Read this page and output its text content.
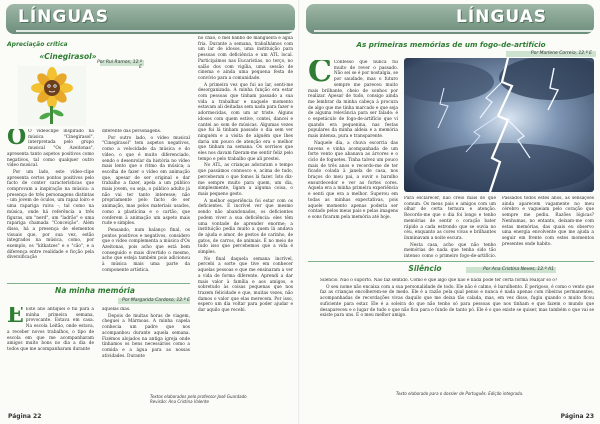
LÍNGUAS
Apreciação crítica
«Cinegirasol»
Por Rui Ramos, 12.º E

O O videoclipe inspirado na música "Cinegirasol", interpretada pelo grupo musical "Os Azeitonas", apresenta tanto aspetos positivos como negativos, tal como qualquer outro vídeo musical.

Por um lado, este vídeo-clipe apresenta certos pontos positivos pelo facto de conter características que comprovam a inspiração na música: a presença de três personagens distintas - um jovem de óculos, um rapaz loiro e uma rapariga ruiva -, tal como na música, onde há referência a três figuras, um "nerd", um "ladrão" e uma rapariga chamada "Conceição". Além disso, há a presença de elementos visuais que, por sua vez, estão integrados na música, como, por exemplo, os "kitkatzes" e o "cão", e a diferença entre realidade e ficção pela diversificação

diferente das personagens.

Por outro lado, o vídeo musical "Cinegirasol" tem aspetos negativos, como a velocidade da música e do vídeo, o que é muito diferenciado, sendo o desenrolar da história no vídeo mais lento que o ritmo da música; a escolha de fazer o vídeo em animação que, apesar de ser original e dar trabalho a fazer, apela a um público mais jovem, ou seja, o público adulto já não vai ter tanto interesse; não propriamente pelo facto de ser animação, mas pelos materiais usados, como a plasticina e o cartão, que conferem à animação um aspeto mais rude e simples.

Pensando, num balanço final, os pontos positivos e negativos, considero que o vídeo complementa a música d'Os Azeitonas, pois acho que está bem conseguido e mais divertido o mesmo, acho que esteja também pois adicionou à música mais uma parte da componente artística.

no chão, o mel banho de mangueira e água fria. Durante a semana, trabalhámos com um lar de idosos, uma instituição para pessoas com deficiência e um ATL local. Participámos nas Eucaristias, no terço, no salão dos com vigília, uma sessão de cinema e ainda uma pequena festa de convívio para a comunidade.

A primeira vez que fui ao lar, senti-me desorganizada. A minha função era estar com pessoas que tinham passado a sua vida a trabalhar e naquele momento estavam ali deitadas sem nada para fazer e adormecidas, com um ar triste. Alguns idosos com quem estive, contei, dancei e cantei ao som de músicas. Algumas vezes que fui lá tinham passado o dia sem ver ninguém e a visita de alguém que lhes daria um pouco de atenção era o melhor que tinham na semana. Os sorrisos que eles nos davam fizeram-me sentir feliz pelo tempo e pelo trabalho que ali prestei.

No ATL, as crianças adoraram o tempo que passámos connosco e, acima de tudo, perceberam o que fomos lá fazer. Isto diz-me sempre muito para quem, um dia, simplesmente, ligam a alguma coisa, o mais pequeno gesto.

A melhor experiência foi estar com os deficientes. É incrível ver que mesmo sendo não abandonados, os deficientes podem viver a sua deficiência: eles têm uma vontade de aprender enorme; a instituição pedia muito a quem lá andava de ajuda e amor, de gestos de carinho, de gatos, de carros, de animais. É no meio de tudo isso que percebemos que a vida é simples.

No final daquela semana incrível, percebi a sorte que tive em conhecer aquelas pessoas e que me ensinaram a ver a vida de forma diferente. Aprendi a dar mais valor à família e aos amigos, e sobretudo às coisas pequenas que nos trazem felicidade e que, muitas vezes, não damos o valor que elas merecem. Por isso, espero um dia voltar para poder ajudar e dar aquilo que recebi.

Na minha memória
Por Margarida Cardoso, 12.º E

E Este ano antiquei e fui para a minha primeira semana, provocante. Estava em casa. Na escola Leitão, onde estava, a receber novos trabalhos, o tipo de escola em que me acompanharam amigos muito bons no dia a dia de todos que me acompanharam durante

aquelas dias.

Depois de muitas horas de viagem, cheguei a Mármoas. A minha capela conhecia um padre que nos acompanhou durante aquela semana. Fizémos alojados na antiga igreja onde tínhamos os bens necessários como a comida e a água para as nossas atividades. Durante

Textos elaborados pelo professor José Guardado
Revisão: Ana Cristina Valente
Página 22
LÍNGUAS
As primeiras memórias de um fogo-de-artifício
Por Marlene Correia, 12.º E

C Confesso que nunca fui muito de rever o passado. Não sei se é por nostalgia, se por saudade, mas o futuro sempre me pareceu muito mais brilhante, cheio de sonhos por realizar. Apesar de tudo, consigo ainda me lembrar da minha cabeça à procura de algo que me tinha marcado e que seja de alguma relevância para ser falado: é o espetáculo de fogo-de-artifício que vi quando era pequenina, nas festas populares da minha aldeia e a memória mais intensa, pura e transparente.

Naquele dia, a chuva escorria das nuvens e vinha acompanhada de um forte vento que abanava as árvores e o ciclo de foguetes. Tinha talvez um pouco mais de três anos e recordo-me de ter ficado colada à janela de casa, nos braços do meu pai, a ouvir o barulho ensurdecedor e ver as fortes cores. Aquela era a minha primeira experiência e senti que era a melhor. Superou em todas as minhas expectativas, pois aquele momento apenas poderia ser contado pelos meus pais e pelas imagens e sons ficaram pela memória até hoje.

Para esclarecer, não creio mais do que comum. Os meus pais e amigos com um olhar de certa ternura e atenção. Recordo-me que o dia foi longo e tenho memórias de sentir o coração bater rápido a cada estrondo que se ouvia no céu, enquanto as cores vivas e brilhantes iluminavam a noite escura.

Nesta casa, acho que não tenho memórias de nada que tenha sido tão intenso como o primeiro fogo-de-artifício.

Passados todos estes anos, as sensações ainda aparecem vagamente no meu cérebro e vagueiam pelo coração que sempre me pediu. Razões lógicas? Nenhumas, no entanto, deixam-me com estas memórias, das quais eu observo uma energia envolvente que me ajuda a seguir em frente com estes momentos presentes onde habito.

Silêncio	Por Ana Cristina Neves, 12.º A1

Silêncio. Não o suporto. Não faz sentido. Como é que algo que não é nada pode ter certa forma realçar só o?

O seu nome não encaixa com a sua personalidade de todo. Ele não é calmo, é barulhento. É perigoso, é como o vento que faz as crianças encolherem-se de medo. Ele é a razão pela qual penso e nunca é nada apenas com ribeiras permanentes, acompanhadas de recordações vivas daquilo que me deixa tão calada, mas, em vez disso, fugiu quando o muito ficou suficiente para estar. Ele é a soleira do que não tenho só para pessoas que nos tinham e que fazem o mundo que desapareceu e o lugar de tudo o que não fica para o fundo de tanto pó. Ele é o que existe se quiser, mas também o que vai se existe para uns. É o meu melhor amigo.

Texto elaborado para o dossier de Português. Edição integrada.
Página 23
